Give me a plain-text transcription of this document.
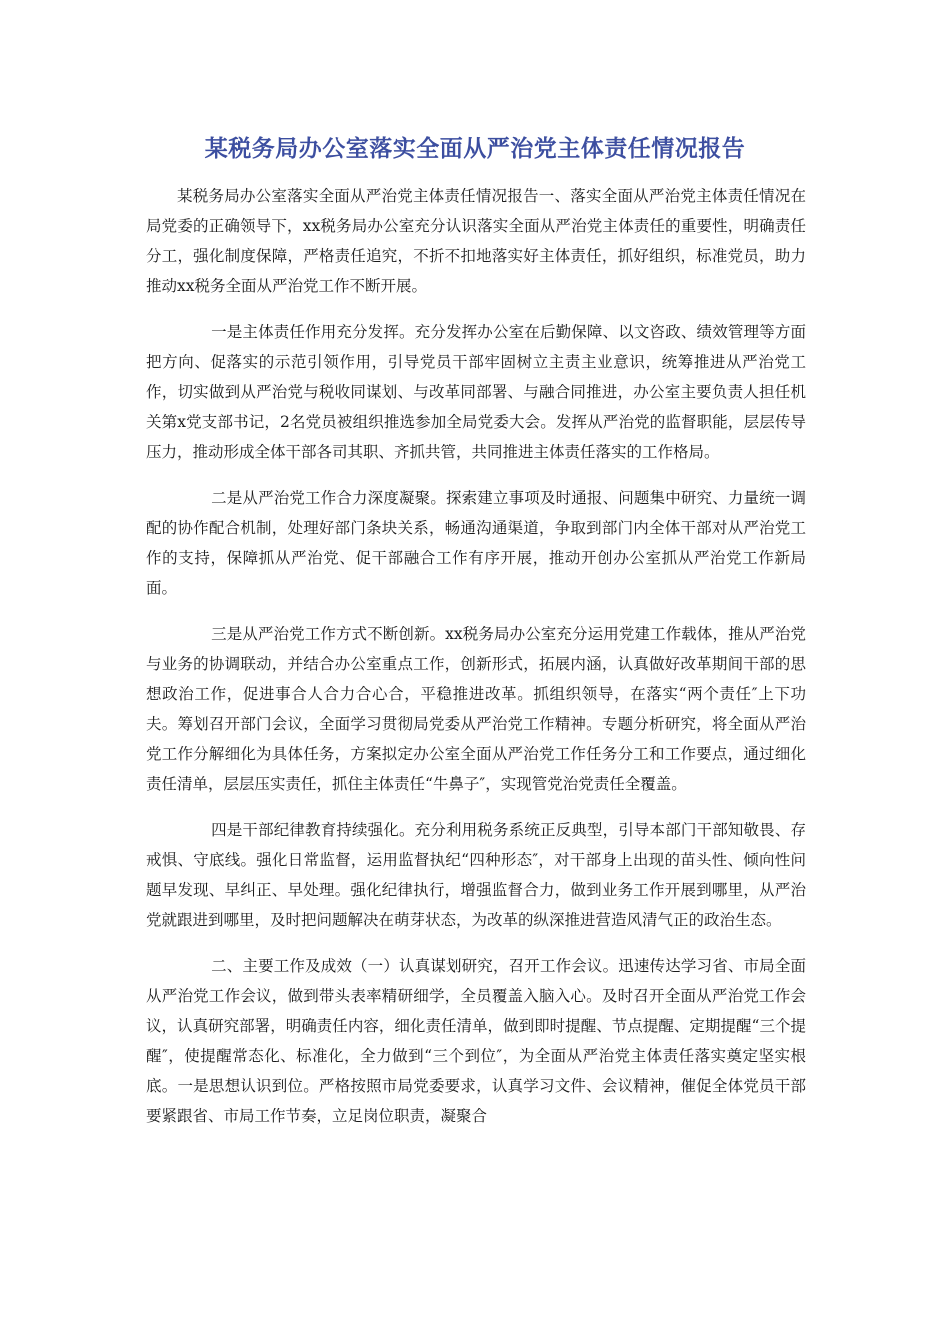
某税务局办公室落实全面从严治党主体责任情况报告

某税务局办公室落实全面从严治党主体责任情况报告一、落实全面从严治党主体责任情况在局党委的正确领导下，xx税务局办公室充分认识落实全面从严治党主体责任的重要性，明确责任分工，强化制度保障，严格责任追究，不折不扣地落实好主体责任，抓好组织，标准党员，助力推动xx税务全面从严治党工作不断开展。

一是主体责任作用充分发挥。充分发挥办公室在后勤保障、以文咨政、绩效管理等方面把方向、促落实的示范引领作用，引导党员干部牢固树立主责主业意识，统筹推进从严治党工作，切实做到从严治党与税收同谋划、与改革同部署、与融合同推进，办公室主要负责人担任机关第x党支部书记，2名党员被组织推选参加全局党委大会。发挥从严治党的监督职能，层层传导压力，推动形成全体干部各司其职、齐抓共管，共同推进主体责任落实的工作格局。

二是从严治党工作合力深度凝聚。探索建立事项及时通报、问题集中研究、力量统一调配的协作配合机制，处理好部门条块关系，畅通沟通渠道，争取到部门内全体干部对从严治党工作的支持，保障抓从严治党、促干部融合工作有序开展，推动开创办公室抓从严治党工作新局面。

三是从严治党工作方式不断创新。xx税务局办公室充分运用党建工作载体，推从严治党与业务的协调联动，并结合办公室重点工作，创新形式，拓展内涵，认真做好改革期间干部的思想政治工作，促进事合人合力合心合，平稳推进改革。抓组织领导，在落实“两个责任″上下功夫。筹划召开部门会议，全面学习贯彻局党委从严治党工作精神。专题分析研究，将全面从严治党工作分解细化为具体任务，方案拟定办公室全面从严治党工作任务分工和工作要点，通过细化责任清单，层层压实责任，抓住主体责任“牛鼻子″，实现管党治党责任全覆盖。

四是干部纪律教育持续强化。充分利用税务系统正反典型，引导本部门干部知敬畏、存戒惧、守底线。强化日常监督，运用监督执纪“四种形态″，对干部身上出现的苗头性、倾向性问题早发现、早纠正、早处理。强化纪律执行，增强监督合力，做到业务工作开展到哪里，从严治党就跟进到哪里，及时把问题解决在萌芽状态，为改革的纵深推进营造风清气正的政治生态。

二、主要工作及成效（一）认真谋划研究，召开工作会议。迅速传达学习省、市局全面从严治党工作会议，做到带头表率精研细学，全员覆盖入脑入心。及时召开全面从严治党工作会议，认真研究部署，明确责任内容，细化责任清单，做到即时提醒、节点提醒、定期提醒“三个提醒″，使提醒常态化、标准化，全力做到“三个到位″，为全面从严治党主体责任落实奠定坚实根底。一是思想认识到位。严格按照市局党委要求，认真学习文件、会议精神，催促全体党员干部要紧跟省、市局工作节奏，立足岗位职责，凝聚合
